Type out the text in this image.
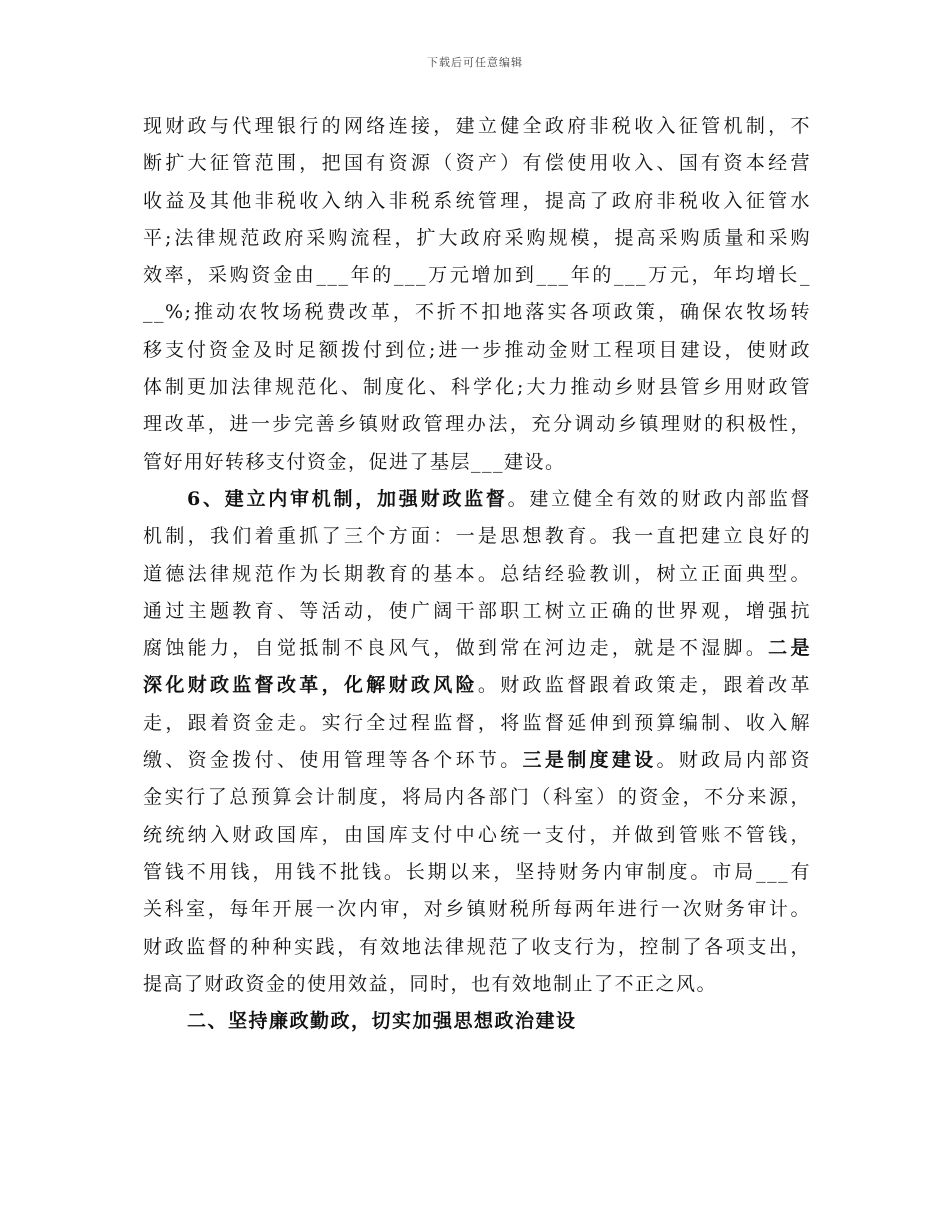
下载后可任意编辑
现财政与代理银行的网络连接，建立健全政府非税收入征管机制，不
断扩大征管范围，把国有资源（资产）有偿使用收入、国有资本经营
收益及其他非税收入纳入非税系统管理，提高了政府非税收入征管水
平;法律规范政府采购流程，扩大政府采购规模，提高采购质量和采购
效率，采购资金由___年的___万元增加到___年的___万元，年均增长_
__%;推动农牧场税费改革，不折不扣地落实各项政策，确保农牧场转
移支付资金及时足额拨付到位;进一步推动金财工程项目建设，使财政
体制更加法律规范化、制度化、科学化;大力推动乡财县管乡用财政管
理改革，进一步完善乡镇财政管理办法，充分调动乡镇理财的积极性，
管好用好转移支付资金，促进了基层___建设。
6、建立内审机制，加强财政监督。建立健全有效的财政内部监督
机制，我们着重抓了三个方面：一是思想教育。我一直把建立良好的
道德法律规范作为长期教育的基本。总结经验教训，树立正面典型。
通过主题教育、等活动，使广阔干部职工树立正确的世界观，增强抗
腐蚀能力，自觉抵制不良风气，做到常在河边走，就是不湿脚。二是
深化财政监督改革，化解财政风险。财政监督跟着政策走，跟着改革
走，跟着资金走。实行全过程监督，将监督延伸到预算编制、收入解
缴、资金拨付、使用管理等各个环节。三是制度建设。财政局内部资
金实行了总预算会计制度，将局内各部门（科室）的资金，不分来源，
统统纳入财政国库，由国库支付中心统一支付，并做到管账不管钱，
管钱不用钱，用钱不批钱。长期以来，坚持财务内审制度。市局___有
关科室，每年开展一次内审，对乡镇财税所每两年进行一次财务审计。
财政监督的种种实践，有效地法律规范了收支行为，控制了各项支出，
提高了财政资金的使用效益，同时，也有效地制止了不正之风。
二、坚持廉政勤政，切实加强思想政治建设
